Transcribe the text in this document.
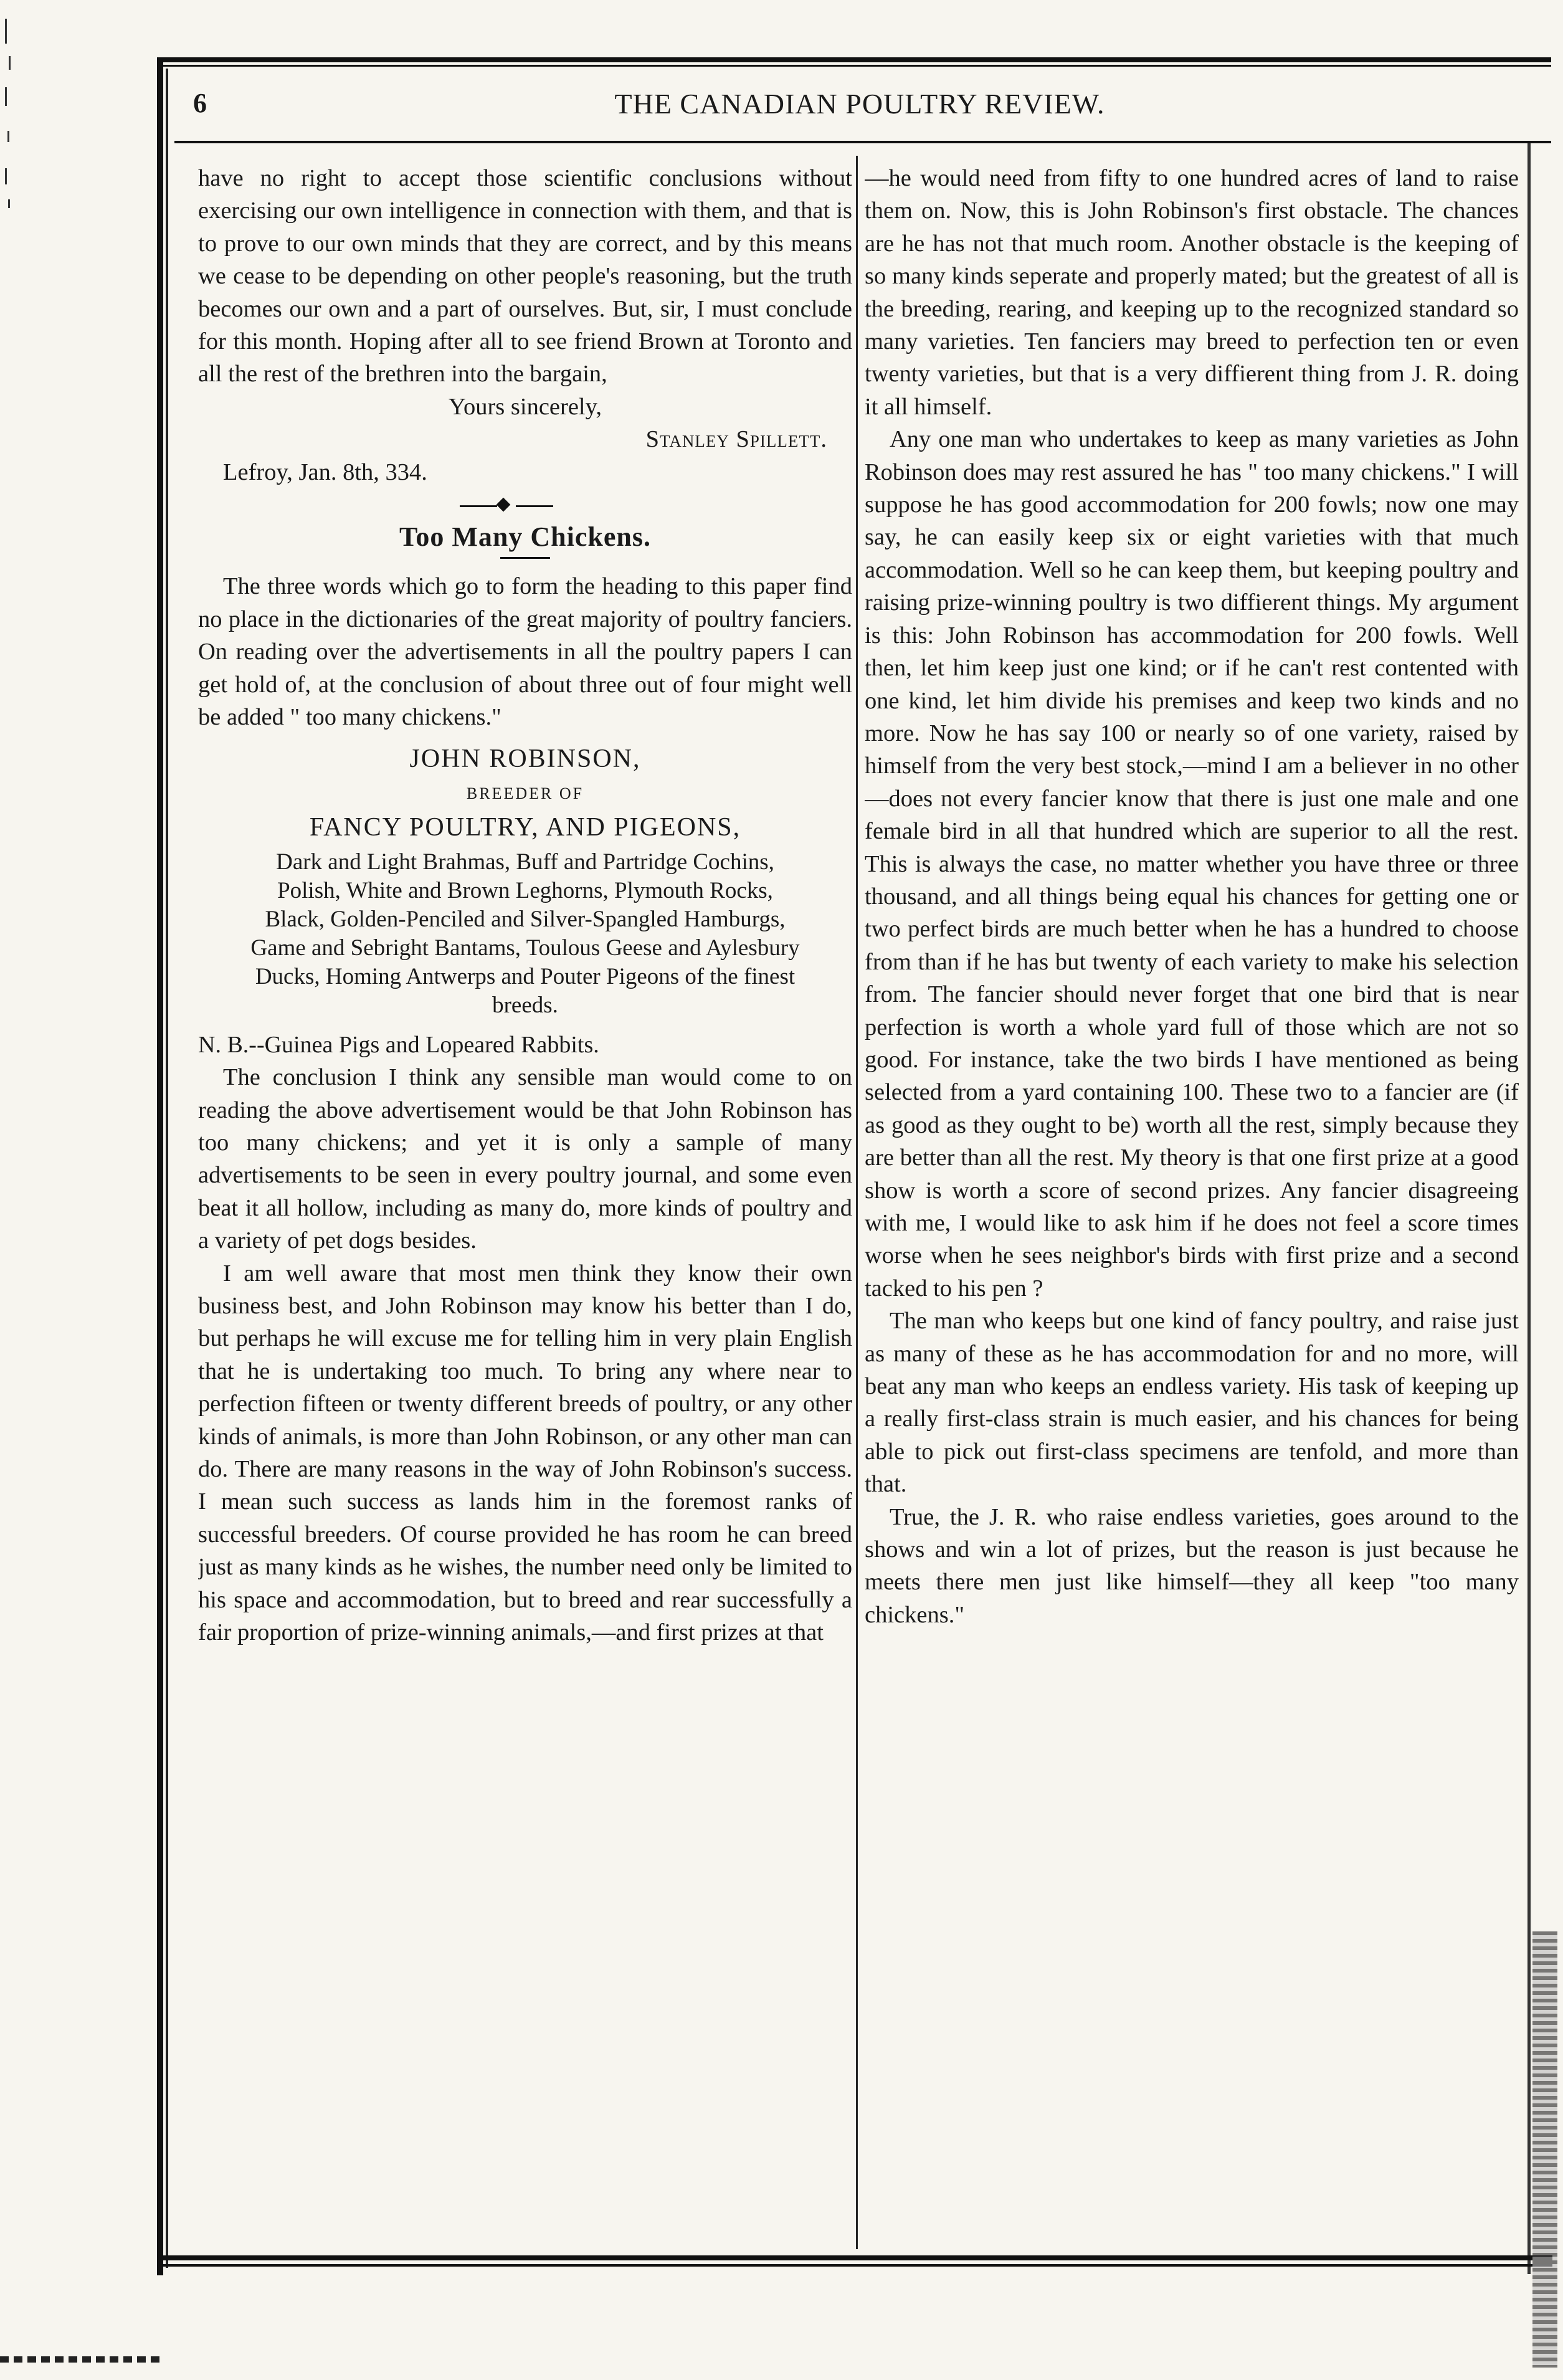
6	THE CANADIAN POULTRY REVIEW.

have no right to accept those scientific conclusions without exercising our own intelligence in connection with them, and that is to prove to our own minds that they are correct, and by this means we cease to be depending on other people's reasoning, but the truth becomes our own and a part of ourselves. But, sir, I must conclude for this month. Hoping after all to see friend Brown at Toronto and all the rest of the brethren into the bargain,

Yours sincerely,

Stanley Spillett.

Lefroy, Jan. 8th, 334.

Too Many Chickens.

The three words which go to form the heading to this paper find no place in the dictionaries of the great majority of poultry fanciers. On reading over the advertisements in all the poultry papers I can get hold of, at the conclusion of about three out of four might well be added " too many chickens."

JOHN ROBINSON,
BREEDER OF
FANCY POULTRY, AND PIGEONS,
Dark and Light Brahmas, Buff and Partridge Cochins, Polish, White and Brown Leghorns, Plymouth Rocks, Black, Golden-Penciled and Silver-Spangled Hamburgs, Game and Sebright Bantams, Toulous Geese and Aylesbury Ducks, Homing Antwerps and Pouter Pigeons of the finest breeds.

N. B.--Guinea Pigs and Lopeared Rabbits.

The conclusion I think any sensible man would come to on reading the above advertisement would be that John Robinson has too many chickens; and yet it is only a sample of many advertisements to be seen in every poultry journal, and some even beat it all hollow, including as many do, more kinds of poultry and a variety of pet dogs besides.

I am well aware that most men think they know their own business best, and John Robinson may know his better than I do, but perhaps he will excuse me for telling him in very plain English that he is undertaking too much. To bring any where near to perfection fifteen or twenty different breeds of poultry, or any other kinds of animals, is more than John Robinson, or any other man can do. There are many reasons in the way of John Robinson's success. I mean such success as lands him in the foremost ranks of successful breeders. Of course provided he has room he can breed just as many kinds as he wishes, the number need only be limited to his space and accommodation, but to breed and rear successfully a fair proportion of prize-winning animals,—and first prizes at that

—he would need from fifty to one hundred acres of land to raise them on. Now, this is John Robinson's first obstacle. The chances are he has not that much room. Another obstacle is the keeping of so many kinds seperate and properly mated; but the greatest of all is the breeding, rearing, and keeping up to the recognized standard so many varieties. Ten fanciers may breed to perfection ten or even twenty varieties, but that is a very diffierent thing from J. R. doing it all himself.

Any one man who undertakes to keep as many varieties as John Robinson does may rest assured he has " too many chickens." I will suppose he has good accommodation for 200 fowls; now one may say, he can easily keep six or eight varieties with that much accommodation. Well so he can keep them, but keeping poultry and raising prize-winning poultry is two diffierent things. My argument is this: John Robinson has accommodation for 200 fowls. Well then, let him keep just one kind; or if he can't rest contented with one kind, let him divide his premises and keep two kinds and no more. Now he has say 100 or nearly so of one variety, raised by himself from the very best stock,—mind I am a believer in no other —does not every fancier know that there is just one male and one female bird in all that hundred which are superior to all the rest. This is always the case, no matter whether you have three or three thousand, and all things being equal his chances for getting one or two perfect birds are much better when he has a hundred to choose from than if he has but twenty of each variety to make his selection from. The fancier should never forget that one bird that is near perfection is worth a whole yard full of those which are not so good. For instance, take the two birds I have mentioned as being selected from a yard containing 100. These two to a fancier are (if as good as they ought to be) worth all the rest, simply because they are better than all the rest. My theory is that one first prize at a good show is worth a score of second prizes. Any fancier disagreeing with me, I would like to ask him if he does not feel a score times worse when he sees neighbor's birds with first prize and a second tacked to his pen ?

The man who keeps but one kind of fancy poultry, and raise just as many of these as he has accommodation for and no more, will beat any man who keeps an endless variety. His task of keeping up a really first-class strain is much easier, and his chances for being able to pick out first-class specimens are tenfold, and more than that.

True, the J. R. who raise endless varieties, goes around to the shows and win a lot of prizes, but the reason is just because he meets there men just like himself—they all keep "too many chickens."
